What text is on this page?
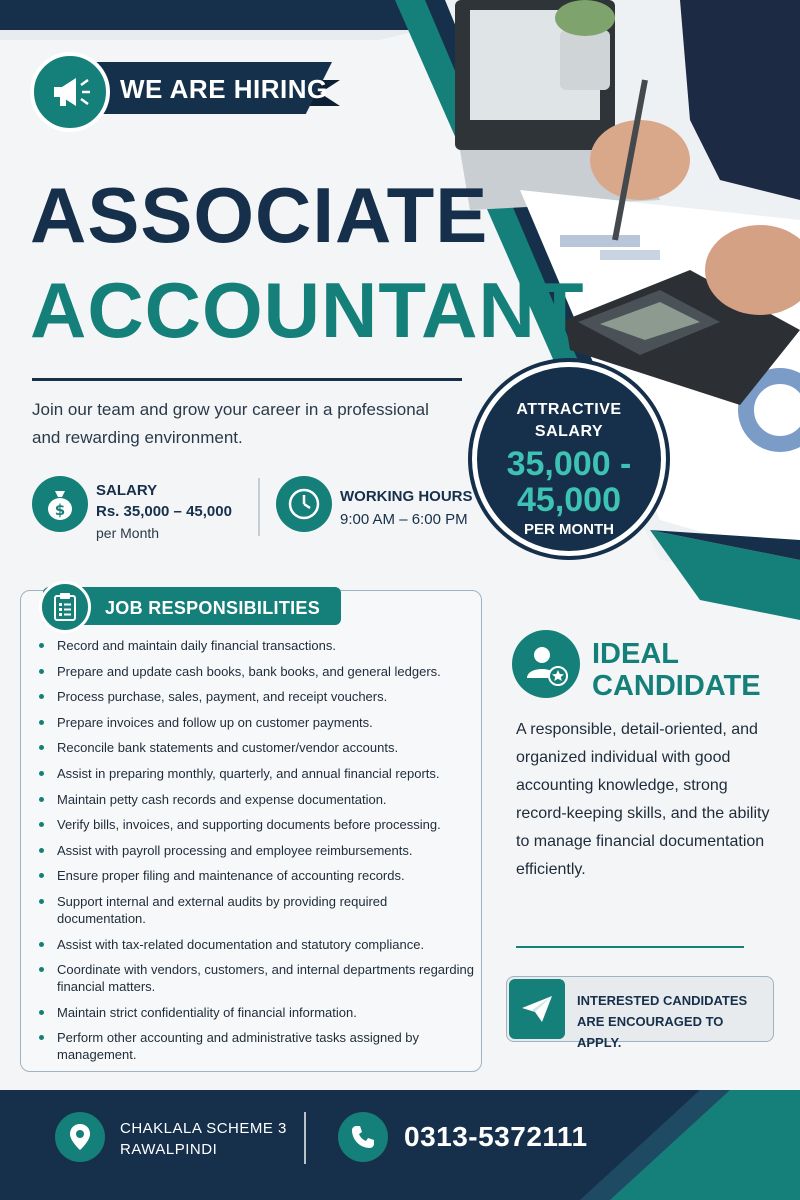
WE ARE HIRING
ASSOCIATE
ACCOUNTANT
Join our team and grow your career in a professional
and rewarding environment.
$
SALARY
Rs. 35,000 – 45,000
per Month
WORKING HOURS
9:00 AM – 6:00 PM
ATTRACTIVE
SALARY
35,000 -
45,000
PER MONTH
JOB RESPONSIBILITIES
Record and maintain daily financial transactions.
Prepare and update cash books, bank books, and general ledgers.
Process purchase, sales, payment, and receipt vouchers.
Prepare invoices and follow up on customer payments.
Reconcile bank statements and customer/vendor accounts.
Assist in preparing monthly, quarterly, and annual financial reports.
Maintain petty cash records and expense documentation.
Verify bills, invoices, and supporting documents before processing.
Assist with payroll processing and employee reimbursements.
Ensure proper filing and maintenance of accounting records.
Support internal and external audits by providing required documentation.
Assist with tax-related documentation and statutory compliance.
Coordinate with vendors, customers, and internal departments regarding financial matters.
Maintain strict confidentiality of financial information.
Perform other accounting and administrative tasks assigned by management.
IDEAL
CANDIDATE
A responsible, detail-oriented, and organized individual with good accounting knowledge, strong record-keeping skills, and the ability to manage financial documentation efficiently.
INTERESTED CANDIDATES
ARE ENCOURAGED TO APPLY.
CHAKLALA SCHEME 3
RAWALPINDI	0313-5372111
